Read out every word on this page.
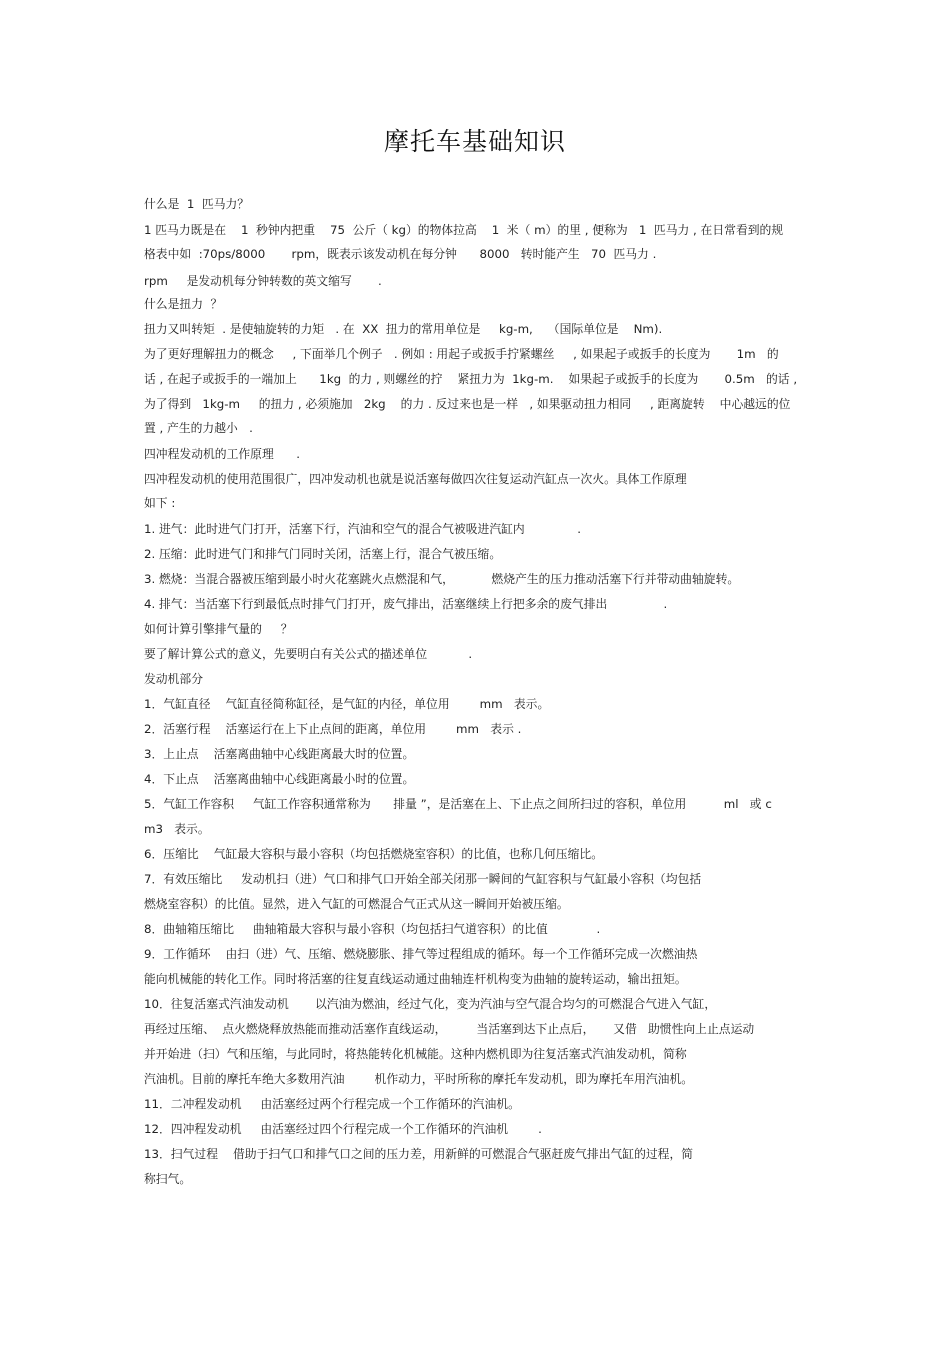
摩托车基础知识
什么是  1  匹马力？
1 匹马力既是在    1  秒钟内把重    75  公斤（ kg）的物体拉高    1  米（ m）的里 , 便称为   1  匹马力 , 在日常看到的规
格表中如  :70ps/8000       rpm，既表示该发动机在每分钟      8000   转时能产生   70  匹马力 .
rpm     是发动机每分钟转数的英文缩写       .
什么是扭力  ？
扭力又叫转矩  . 是使轴旋转的力矩   . 在  XX  扭力的常用单位是     kg-m,    （国际单位是    Nm).
为了更好理解扭力的概念     , 下面举几个例子   . 例如 : 用起子或扳手拧紧螺丝     , 如果起子或扳手的长度为       1m   的
话 , 在起子或扳手的一端加上      1kg  的力 , 则螺丝的拧    紧扭力为  1kg-m.    如果起子或扳手的长度为       0.5m   的话 ,
为了得到   1kg-m     的扭力 , 必须施加   2kg    的力 . 反过来也是一样   , 如果驱动扭力相同     , 距离旋转    中心越远的位
置 , 产生的力越小   .
四冲程发动机的工作原理      .
四冲程发动机的使用范围很广，四冲发动机也就是说活塞每做四次往复运动汽缸点一次火。具体工作原理
如下 :
1. 进气：此时进气门打开，活塞下行，汽油和空气的混合气被吸进汽缸内              .
2. 压缩：此时进气门和排气门同时关闭，活塞上行，混合气被压缩。
3. 燃烧：当混合器被压缩到最小时火花塞跳火点燃混和气，          燃烧产生的压力推动活塞下行并带动曲轴旋转。
4. 排气：当活塞下行到最低点时排气门打开，废气排出，活塞继续上行把多余的废气排出               .
如何计算引擎排气量的     ？
要了解计算公式的意义，先要明白有关公式的描述单位           .
发动机部分
1．气缸直径    气缸直径简称缸径，是气缸的内径，单位用        mm   表示。
2．活塞行程    活塞运行在上下止点间的距离，单位用        mm   表示 .
3．上止点    活塞离曲轴中心线距离最大时的位置。
4．下止点    活塞离曲轴中心线距离最小时的位置。
5．气缸工作容积     气缸工作容积通常称为      排量 ”，是活塞在上、下止点之间所扫过的容积，单位用          ml   或 c
m3   表示。
6．压缩比    气缸最大容积与最小容积（均包括燃烧室容积）的比值，也称几何压缩比。
7．有效压缩比     发动机扫（进）气口和排气口开始全部关闭那一瞬间的气缸容积与气缸最小容积（均包括
燃烧室容积）的比值。显然，进入气缸的可燃混合气正式从这一瞬间开始被压缩。
8．曲轴箱压缩比     曲轴箱最大容积与最小容积（均包括扫气道容积）的比值             .
9．工作循环    由扫（进）气、压缩、燃烧膨胀、排气等过程组成的循环。每一个工作循环完成一次燃油热
能向机械能的转化工作。同时将活塞的往复直线运动通过曲轴连杆机构变为曲轴的旋转运动，输出扭矩。
10．往复活塞式汽油发动机       以汽油为燃油，经过气化，变为汽油与空气混合均匀的可燃混合气进入气缸，
再经过压缩、  点火燃烧释放热能而推动活塞作直线运动，        当活塞到达下止点后，     又借   助惯性向上止点运动
并开始进（扫）气和压缩，与此同时，将热能转化机械能。这种内燃机即为往复活塞式汽油发动机，简称
汽油机。目前的摩托车绝大多数用汽油        机作动力，平时所称的摩托车发动机，即为摩托车用汽油机。
11．二冲程发动机     由活塞经过两个行程完成一个工作循环的汽油机。
12．四冲程发动机     由活塞经过四个行程完成一个工作循环的汽油机        .
13．扫气过程    借助于扫气口和排气口之间的压力差，用新鲜的可燃混合气驱赶废气排出气缸的过程，简
称扫气。
